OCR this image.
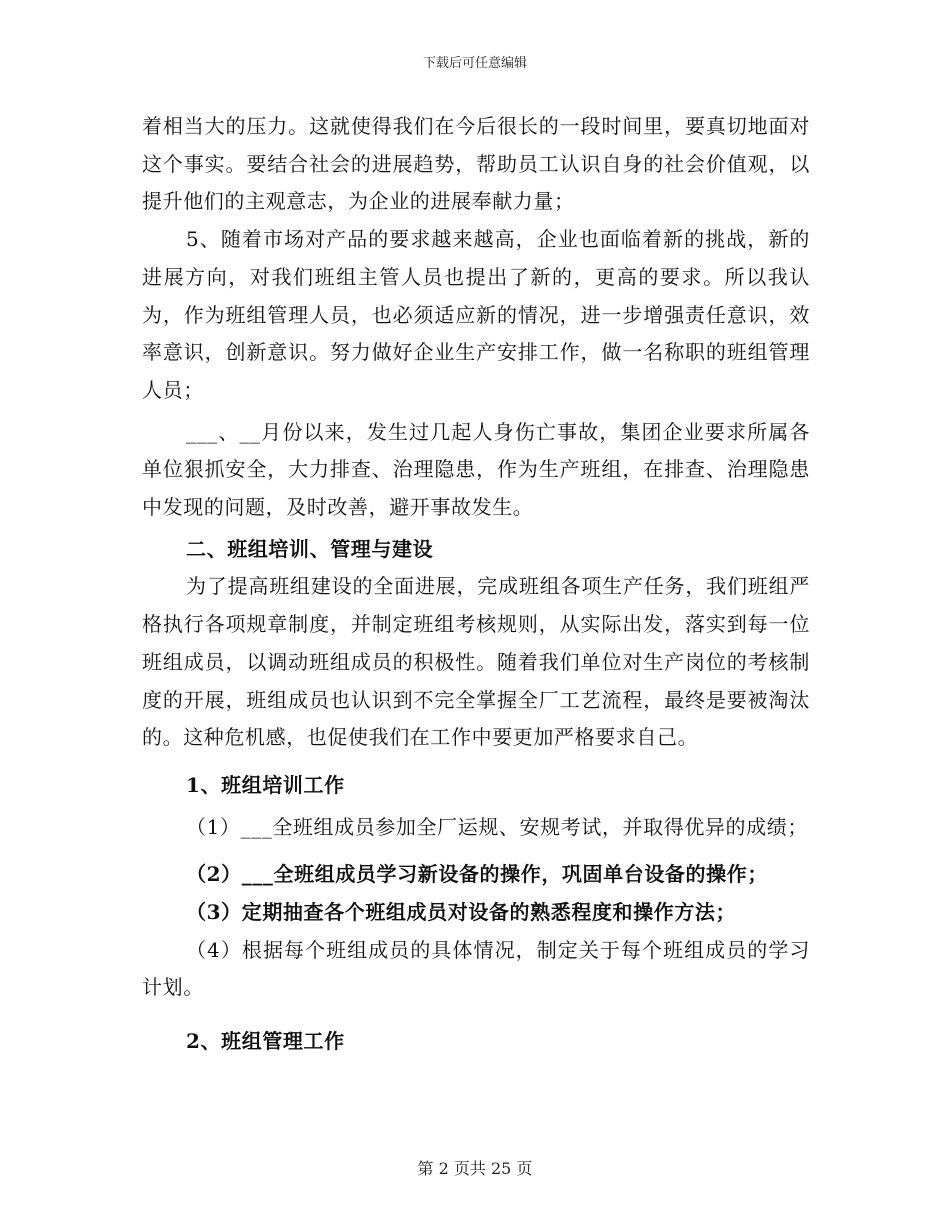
下载后可任意编辑

着相当大的压力。这就使得我们在今后很长的一段时间里，要真切地面对这个事实。要结合社会的进展趋势，帮助员工认识自身的社会价值观，以提升他们的主观意志，为企业的进展奉献力量；

5、随着市场对产品的要求越来越高，企业也面临着新的挑战，新的进展方向，对我们班组主管人员也提出了新的，更高的要求。所以我认为，作为班组管理人员，也必须适应新的情况，进一步增强责任意识，效率意识，创新意识。努力做好企业生产安排工作，做一名称职的班组管理人员；

___、__月份以来，发生过几起人身伤亡事故，集团企业要求所属各单位狠抓安全，大力排查、治理隐患，作为生产班组，在排查、治理隐患中发现的问题，及时改善，避开事故发生。

二、班组培训、管理与建设

为了提高班组建设的全面进展，完成班组各项生产任务，我们班组严格执行各项规章制度，并制定班组考核规则，从实际出发，落实到每一位班组成员，以调动班组成员的积极性。随着我们单位对生产岗位的考核制度的开展，班组成员也认识到不完全掌握全厂工艺流程，最终是要被淘汰的。这种危机感，也促使我们在工作中要更加严格要求自己。

1、班组培训工作

（1）___全班组成员参加全厂运规、安规考试，并取得优异的成绩；

（2）___全班组成员学习新设备的操作，巩固单台设备的操作；

（3）定期抽查各个班组成员对设备的熟悉程度和操作方法；

（4）根据每个班组成员的具体情况，制定关于每个班组成员的学习计划。

2、班组管理工作

第 2 页共 25 页
